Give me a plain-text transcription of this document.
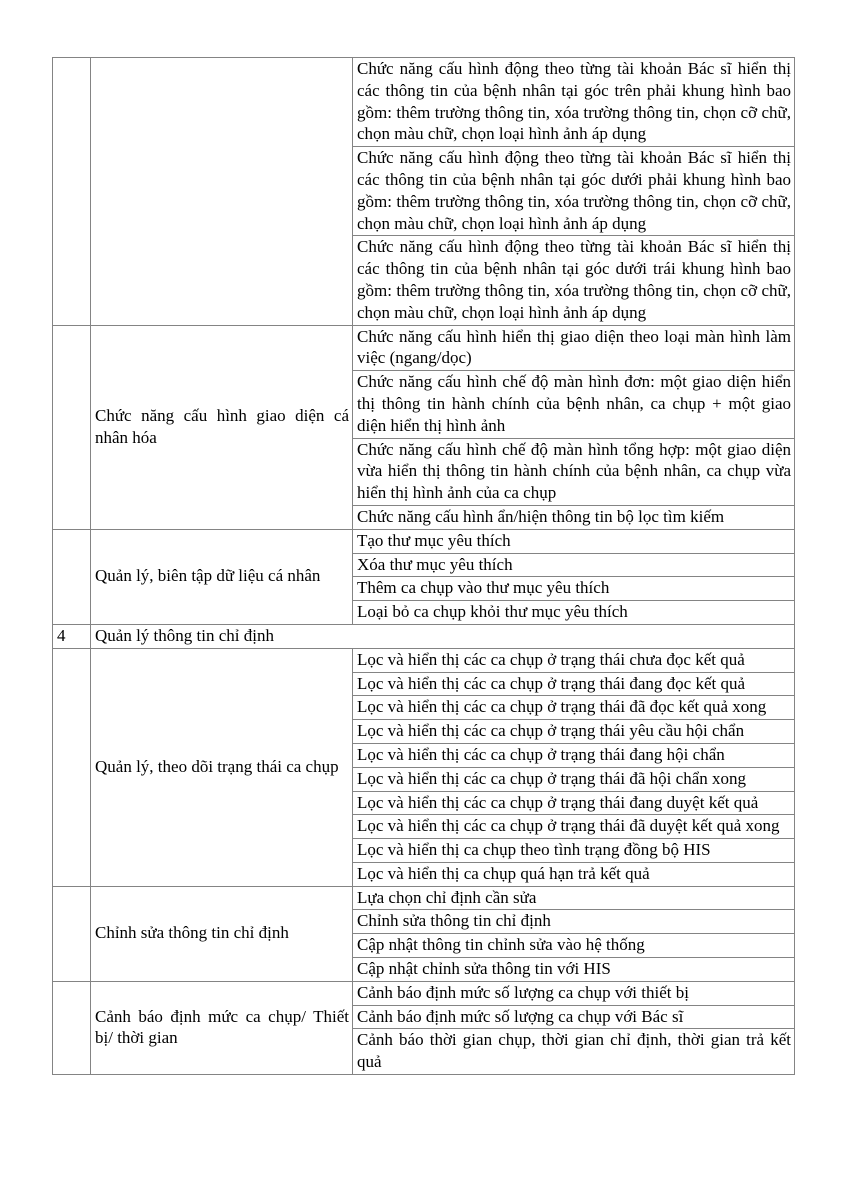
		Chức năng cấu hình động theo từng tài khoản Bác sĩ hiển thị các thông tin của bệnh nhân tại góc trên phải khung hình bao gồm: thêm trường thông tin, xóa trường thông tin, chọn cỡ chữ, chọn màu chữ, chọn loại hình ảnh áp dụng
		Chức năng cấu hình động theo từng tài khoản Bác sĩ hiển thị các thông tin của bệnh nhân tại góc dưới phải khung hình bao gồm: thêm trường thông tin, xóa trường thông tin, chọn cỡ chữ, chọn màu chữ, chọn loại hình ảnh áp dụng
		Chức năng cấu hình động theo từng tài khoản Bác sĩ hiển thị các thông tin của bệnh nhân tại góc dưới trái khung hình bao gồm: thêm trường thông tin, xóa trường thông tin, chọn cỡ chữ, chọn màu chữ, chọn loại hình ảnh áp dụng
	Chức năng cấu hình giao diện cá nhân hóa	Chức năng cấu hình hiển thị giao diện theo loại màn hình làm việc (ngang/dọc)
		Chức năng cấu hình chế độ màn hình đơn: một giao diện hiển thị thông tin hành chính của bệnh nhân, ca chụp + một giao diện hiển thị hình ảnh
		Chức năng cấu hình chế độ màn hình tổng hợp: một giao diện vừa hiển thị thông tin hành chính của bệnh nhân, ca chụp vừa hiển thị hình ảnh của ca chụp
		Chức năng cấu hình ẩn/hiện thông tin bộ lọc tìm kiếm
	Quản lý, biên tập dữ liệu cá nhân	Tạo thư mục yêu thích
		Xóa thư mục yêu thích
		Thêm ca chụp vào thư mục yêu thích
		Loại bỏ ca chụp khỏi thư mục yêu thích
4	Quản lý thông tin chỉ định	
	Quản lý, theo dõi trạng thái ca chụp	Lọc và hiển thị các ca chụp ở trạng thái chưa đọc kết quả
		Lọc và hiển thị các ca chụp ở trạng thái đang đọc kết quả
		Lọc và hiển thị các ca chụp ở trạng thái đã đọc kết quả xong
		Lọc và hiển thị các ca chụp ở trạng thái yêu cầu hội chẩn
		Lọc và hiển thị các ca chụp ở trạng thái đang hội chẩn
		Lọc và hiển thị các ca chụp ở trạng thái đã hội chẩn xong
		Lọc và hiển thị các ca chụp ở trạng thái đang duyệt kết quả
		Lọc và hiển thị các ca chụp ở trạng thái đã duyệt kết quả xong
		Lọc và hiển thị ca chụp theo tình trạng đồng bộ HIS
		Lọc và hiển thị ca chụp quá hạn trả kết quả
	Chỉnh sửa thông tin chỉ định	Lựa chọn chỉ định cần sửa
		Chỉnh sửa thông tin chỉ định
		Cập nhật thông tin chỉnh sửa vào hệ thống
		Cập nhật chỉnh sửa thông tin với HIS
	Cảnh báo định mức ca chụp/ Thiết bị/ thời gian	Cảnh báo định mức số lượng ca chụp với thiết bị
		Cảnh báo định mức số lượng ca chụp với Bác sĩ
		Cảnh báo thời gian chụp, thời gian chỉ định, thời gian trả kết quả
